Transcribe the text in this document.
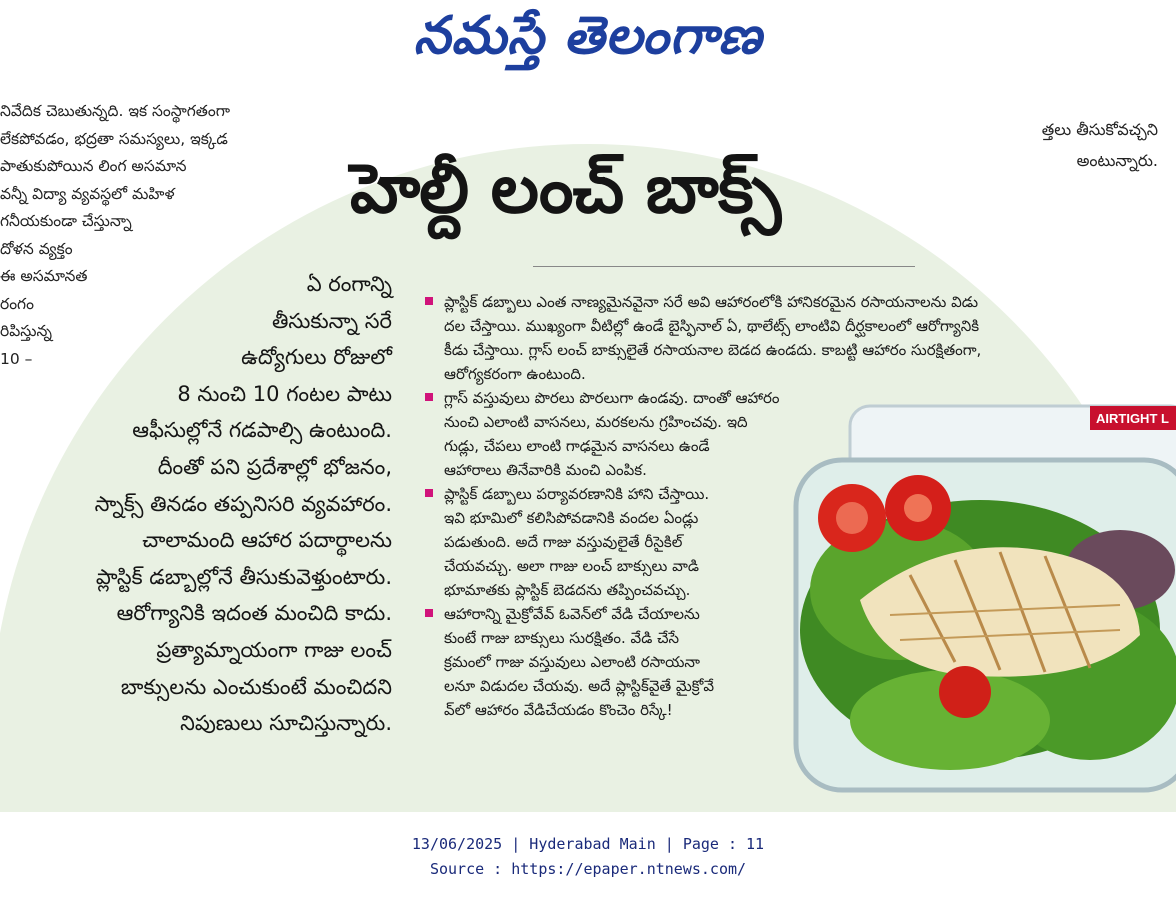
నమస్తే తెలంగాణ
నివేదిక చెబుతున్నది. ఇక సంస్థాగతంగా
లేకపోవడం, భద్రతా సమస్యలు, ఇక్కడ
పాతుకుపోయిన లింగ అసమాన
వన్నీ విద్యా వ్యవస్థలో మహిళ
గనీయకుండా చేస్తున్నా
దోళన వ్యక్తం
ఈ అసమానత
రంగం
రిపిస్తున్న
10 –
త్తలు తీసుకోవచ్చని
అంటున్నారు.
హెల్దీ లంచ్ బాక్స్
ఏ రంగాన్ని
తీసుకున్నా సరే
ఉద్యోగులు రోజులో
8 నుంచి 10 గంటల పాటు
ఆఫీసుల్లోనే గడపాల్సి ఉంటుంది.
దీంతో పని ప్రదేశాల్లో భోజనం,
స్నాక్స్ తినడం తప్పనిసరి వ్యవహారం.
చాలామంది ఆహార పదార్థాలను
ప్లాస్టిక్ డబ్బాల్లోనే తీసుకువెళ్తుంటారు.
ఆరోగ్యానికి ఇదంత మంచిది కాదు.
ప్రత్యామ్నాయంగా గాజు లంచ్
బాక్సులను ఎంచుకుంటే మంచిదని
నిపుణులు సూచిస్తున్నారు.
AIRTIGHT L
ప్లాస్టిక్ డబ్బాలు ఎంత నాణ్యమైనవైనా సరే అవి ఆహారంలోకి హానికరమైన రసాయనాలను విడు
దల చేస్తాయి. ముఖ్యంగా వీటిల్లో ఉండే బైస్ఫినాల్ ఏ, థాలేట్స్ లాంటివి దీర్ఘకాలంలో ఆరోగ్యానికి
కీడు చేస్తాయి. గ్లాస్ లంచ్ బాక్సులైతే రసాయనాల బెడద ఉండదు. కాబట్టి ఆహారం సురక్షితంగా,
ఆరోగ్యకరంగా ఉంటుంది.
గ్లాస్ వస్తువులు పొరలు పొరలుగా ఉండవు. దాంతో ఆహారం
నుంచి ఎలాంటి వాసనలు, మరకలను గ్రహించవు. ఇది
గుడ్లు, చేపలు లాంటి గాఢమైన వాసనలు ఉండే
ఆహారాలు తినేవారికి మంచి ఎంపిక.
ప్లాస్టిక్ డబ్బాలు పర్యావరణానికి హాని చేస్తాయి.
ఇవి భూమిలో కలిసిపోవడానికి వందల ఏండ్లు
పడుతుంది. అదే గాజు వస్తువులైతే రీసైకిల్
చేయవచ్చు. అలా గాజు లంచ్ బాక్సులు వాడి
భూమాతకు ప్లాస్టిక్ బెడదను తప్పించవచ్చు.
ఆహారాన్ని మైక్రోవేవ్ ఓవెన్‌లో వేడి చేయాలను
కుంటే గాజు బాక్సులు సురక్షితం. వేడి చేసే
క్రమంలో గాజు వస్తువులు ఎలాంటి రసాయనా
లనూ విడుదల చేయవు. అదే ప్లాస్టిక్‌వైతే మైక్రోవే
వ్‌లో ఆహారం వేడిచేయడం కొంచెం రిస్కే!
13/06/2025 | Hyderabad Main | Page : 11
Source : https://epaper.ntnews.com/
